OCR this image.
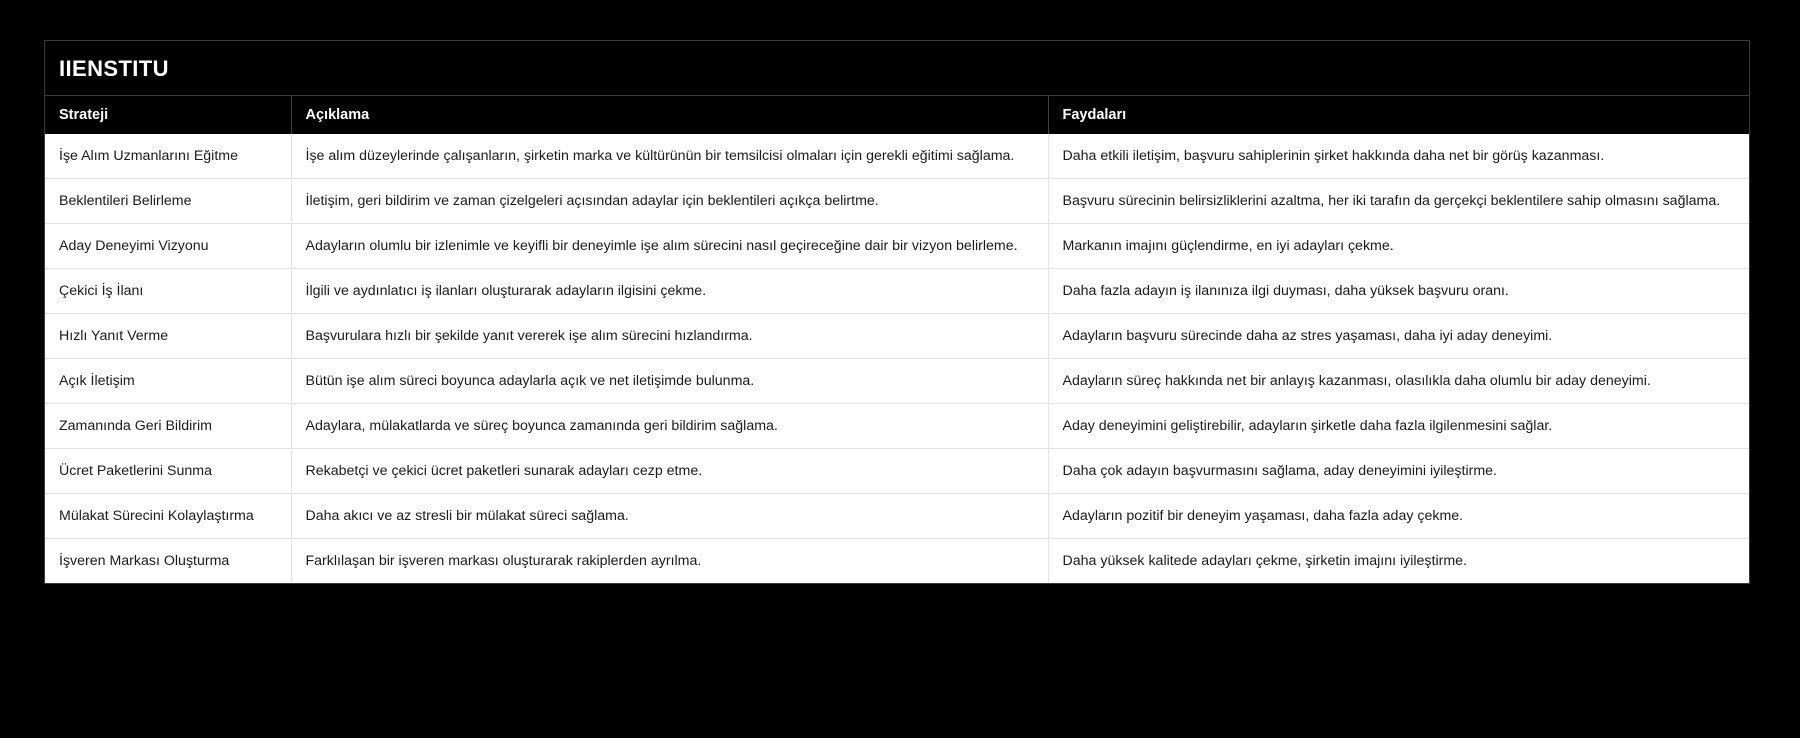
IIENSTITU
Strateji	Açıklama	Faydaları
İşe Alım Uzmanlarını Eğitme	İşe alım düzeylerinde çalışanların, şirketin marka ve kültürünün bir temsilcisi olmaları için gerekli eğitimi sağlama.	Daha etkili iletişim, başvuru sahiplerinin şirket hakkında daha net bir görüş kazanması.
Beklentileri Belirleme	İletişim, geri bildirim ve zaman çizelgeleri açısından adaylar için beklentileri açıkça belirtme.	Başvuru sürecinin belirsizliklerini azaltma, her iki tarafın da gerçekçi beklentilere sahip olmasını sağlama.
Aday Deneyimi Vizyonu	Adayların olumlu bir izlenimle ve keyifli bir deneyimle işe alım sürecini nasıl geçireceğine dair bir vizyon belirleme.	Markanın imajını güçlendirme, en iyi adayları çekme.
Çekici İş İlanı	İlgili ve aydınlatıcı iş ilanları oluşturarak adayların ilgisini çekme.	Daha fazla adayın iş ilanınıza ilgi duyması, daha yüksek başvuru oranı.
Hızlı Yanıt Verme	Başvurulara hızlı bir şekilde yanıt vererek işe alım sürecini hızlandırma.	Adayların başvuru sürecinde daha az stres yaşaması, daha iyi aday deneyimi.
Açık İletişim	Bütün işe alım süreci boyunca adaylarla açık ve net iletişimde bulunma.	Adayların süreç hakkında net bir anlayış kazanması, olasılıkla daha olumlu bir aday deneyimi.
Zamanında Geri Bildirim	Adaylara, mülakatlarda ve süreç boyunca zamanında geri bildirim sağlama.	Aday deneyimini geliştirebilir, adayların şirketle daha fazla ilgilenmesini sağlar.
Ücret Paketlerini Sunma	Rekabetçi ve çekici ücret paketleri sunarak adayları cezp etme.	Daha çok adayın başvurmasını sağlama, aday deneyimini iyileştirme.
Mülakat Sürecini Kolaylaştırma	Daha akıcı ve az stresli bir mülakat süreci sağlama.	Adayların pozitif bir deneyim yaşaması, daha fazla aday çekme.
İşveren Markası Oluşturma	Farklılaşan bir işveren markası oluşturarak rakiplerden ayrılma.	Daha yüksek kalitede adayları çekme, şirketin imajını iyileştirme.
